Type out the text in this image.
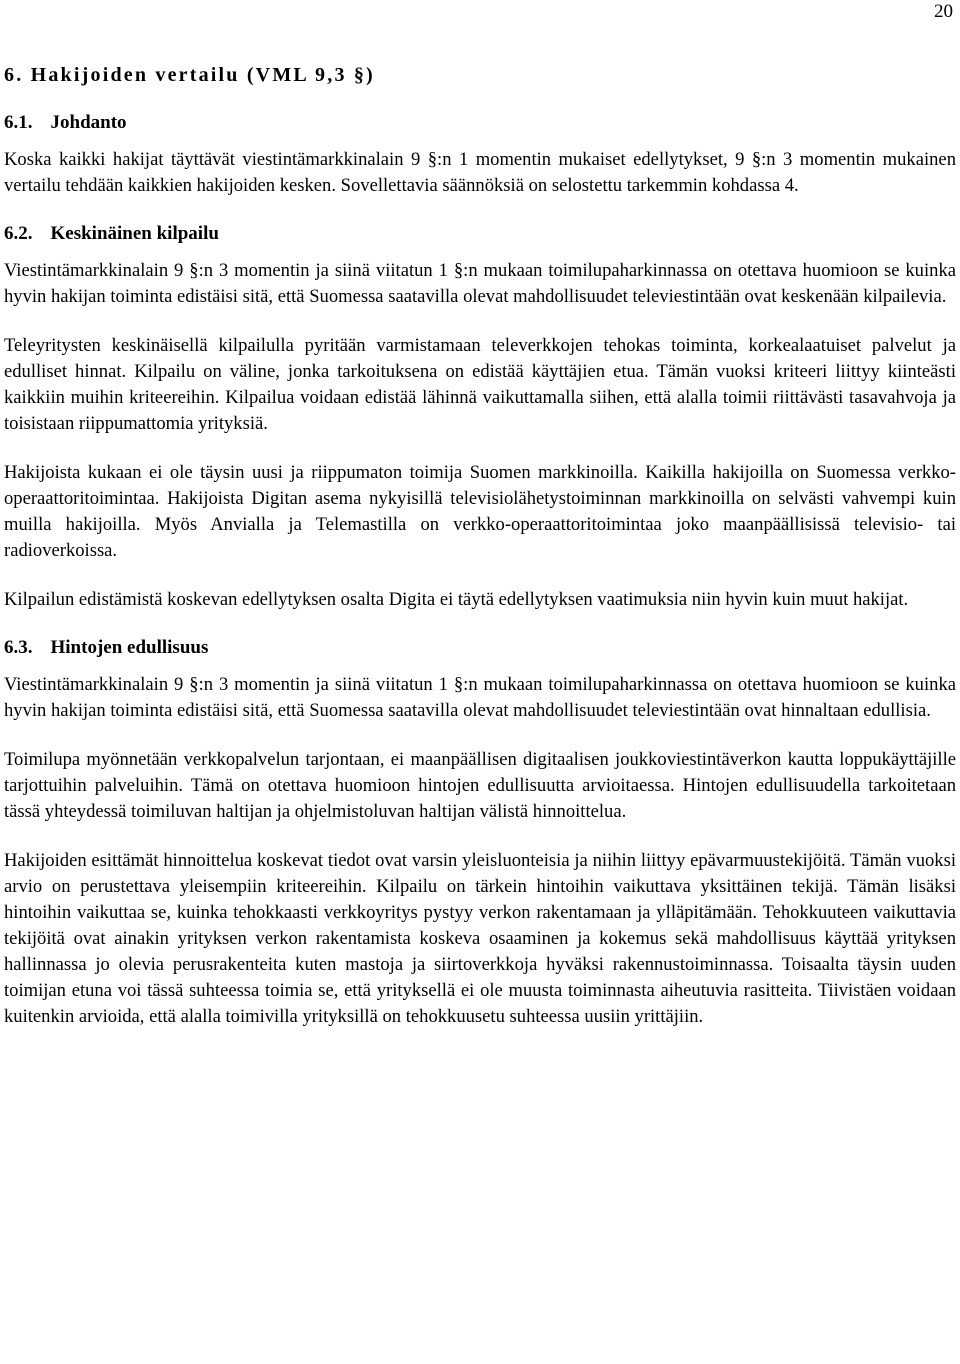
20
6. Hakijoiden vertailu (VML 9,3 §)
6.1. Johdanto

Koska kaikki hakijat täyttävät viestintämarkkinalain 9 §:n 1 momentin mukaiset edellytykset, 9 §:n 3 momentin mukainen vertailu tehdään kaikkien hakijoiden kesken. Sovellettavia säännöksiä on selostettu tarkemmin kohdassa 4.

6.2. Keskinäinen kilpailu

Viestintämarkkinalain 9 §:n 3 momentin ja siinä viitatun 1 §:n mukaan toimilupaharkinnassa on otettava huomioon se kuinka hyvin hakijan toiminta edistäisi sitä, että Suomessa saatavilla olevat mahdollisuudet televiestintään ovat keskenään kilpailevia.

Teleyritysten keskinäisellä kilpailulla pyritään varmistamaan televerkkojen tehokas toiminta, korkealaatuiset palvelut ja edulliset hinnat. Kilpailu on väline, jonka tarkoituksena on edistää käyttäjien etua. Tämän vuoksi kriteeri liittyy kiinteästi kaikkiin muihin kriteereihin. Kilpailua voidaan edistää lähinnä vaikuttamalla siihen, että alalla toimii riittävästi tasavahvoja ja toisistaan riippumattomia yrityksiä.

Hakijoista kukaan ei ole täysin uusi ja riippumaton toimija Suomen markkinoilla. Kaikilla hakijoilla on Suomessa verkko-operaattoritoimintaa. Hakijoista Digitan asema nykyisillä televisiolähetystoiminnan markkinoilla on selvästi vahvempi kuin muilla hakijoilla. Myös Anvialla ja Telemastilla on verkko-operaattoritoimintaa joko maanpäällisissä televisio- tai radioverkoissa.

Kilpailun edistämistä koskevan edellytyksen osalta Digita ei täytä edellytyksen vaatimuksia niin hyvin kuin muut hakijat.

6.3. Hintojen edullisuus

Viestintämarkkinalain 9 §:n 3 momentin ja siinä viitatun 1 §:n mukaan toimilupaharkinnassa on otettava huomioon se kuinka hyvin hakijan toiminta edistäisi sitä, että Suomessa saatavilla olevat mahdollisuudet televiestintään ovat hinnaltaan edullisia.

Toimilupa myönnetään verkkopalvelun tarjontaan, ei maanpäällisen digitaalisen joukkoviestintäverkon kautta loppukäyttäjille tarjottuihin palveluihin. Tämä on otettava huomioon hintojen edullisuutta arvioitaessa. Hintojen edullisuudella tarkoitetaan tässä yhteydessä toimiluvan haltijan ja ohjelmistoluvan haltijan välistä hinnoittelua.

Hakijoiden esittämät hinnoittelua koskevat tiedot ovat varsin yleisluonteisia ja niihin liittyy epävarmuustekijöitä. Tämän vuoksi arvio on perustettava yleisempiin kriteereihin. Kilpailu on tärkein hintoihin vaikuttava yksittäinen tekijä. Tämän lisäksi hintoihin vaikuttaa se, kuinka tehokkaasti verkkoyritys pystyy verkon rakentamaan ja ylläpitämään. Tehokkuuteen vaikuttavia tekijöitä ovat ainakin yrityksen verkon rakentamista koskeva osaaminen ja kokemus sekä mahdollisuus käyttää yrityksen hallinnassa jo olevia perusrakenteita kuten mastoja ja siirtoverkkoja hyväksi rakennustoiminnassa. Toisaalta täysin uuden toimijan etuna voi tässä suhteessa toimia se, että yrityksellä ei ole muusta toiminnasta aiheutuvia rasitteita. Tiivistäen voidaan kuitenkin arvioida, että alalla toimivilla yrityksillä on tehokkuusetu suhteessa uusiin yrittäjiin.
